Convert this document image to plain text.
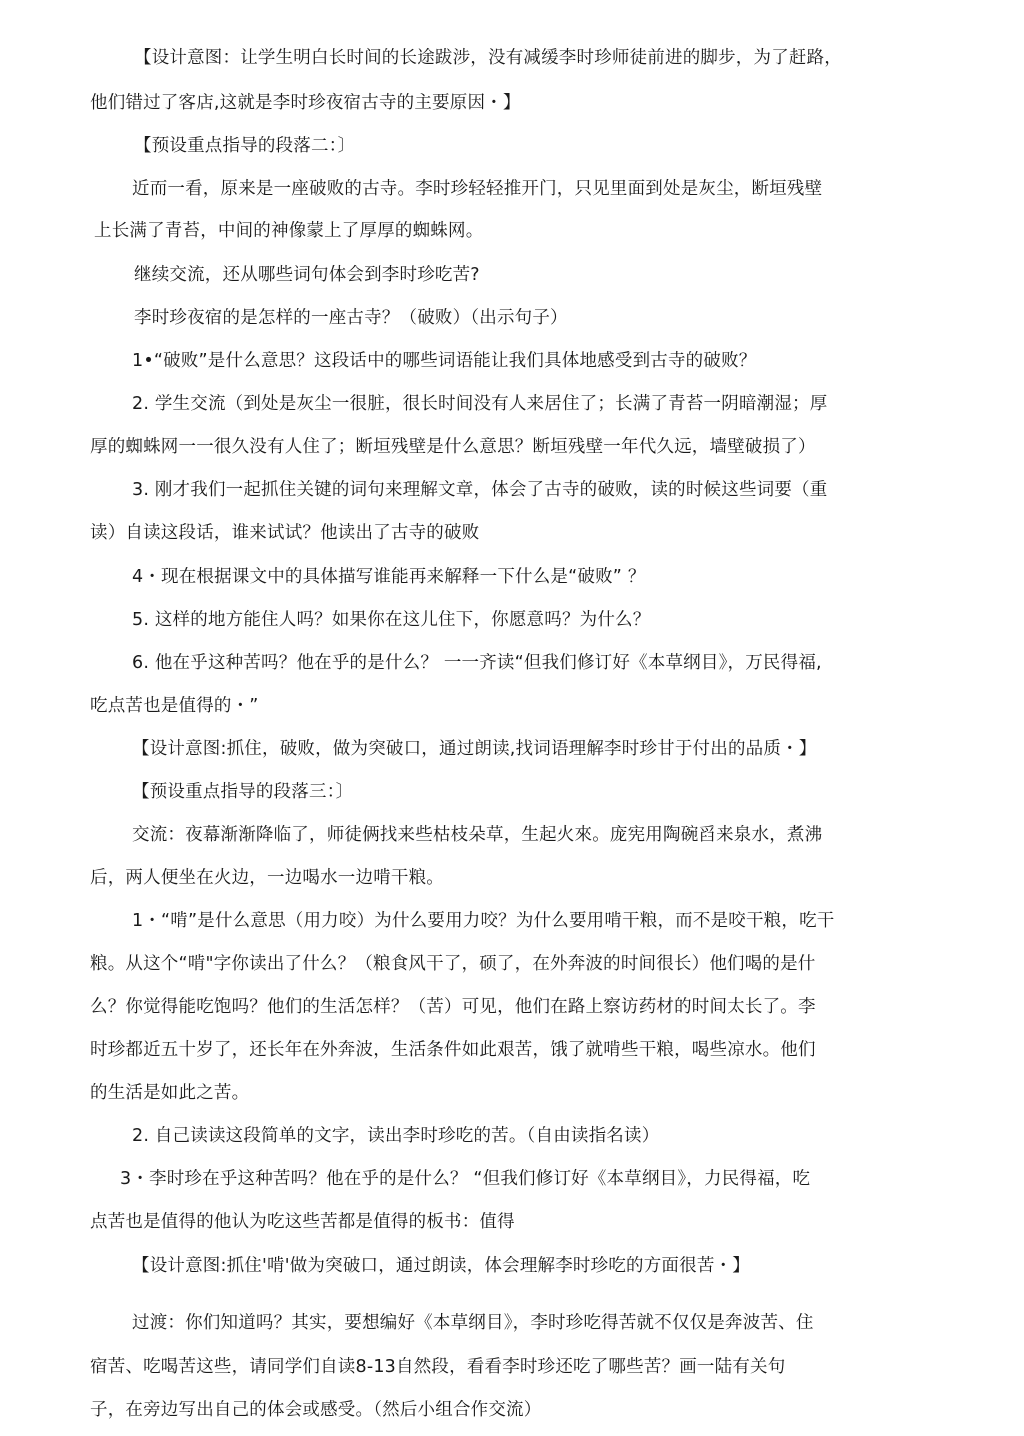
【设计意图：让学生明白长时间的长途跋涉，没有减缓李时珍师徒前进的脚步，为了赶路，
他们错过了客店,这就是李时珍夜宿古寺的主要原因・】
【预设重点指导的段落二：〕
近而一看，原来是一座破败的古寺。李时珍轻轻推开门，只见里面到处是灰尘，断垣残壁
上长满了青苔，中间的神像蒙上了厚厚的蜘蛛网。
继续交流，还从哪些词句体会到李时珍吃苦?
李时珍夜宿的是怎样的一座古寺？（破败）（出示句子）
1•“破败”是什么意思？这段话中的哪些词语能让我们具体地感受到古寺的破败？
2. 学生交流（到处是灰尘一很脏，很长时间没有人来居住了；长满了青苔一阴暗潮湿；厚
厚的蜘蛛网一一很久没有人住了；断垣残壁是什么意思？断垣残壁一年代久远，墙壁破损了）
3. 刚才我们一起抓住关键的词句来理解文章，体会了古寺的破败，读的时候这些词要（重
读）自读这段话，谁来试试？他读出了古寺的破败
4・现在根据课文中的具体描写谁能再来解释一下什么是“破败” ？
5. 这样的地方能住人吗？如果你在这儿住下，你愿意吗？为什么？
6. 他在乎这种苦吗？他在乎的是什么？ 一一齐读“但我们修订好《本草纲目》，万民得福,
吃点苦也是值得的・”
【设计意图:抓住，破败，做为突破口，通过朗读,找词语理解李时珍甘于付出的品质・】
【预设重点指导的段落三：〕
交流：夜幕渐渐降临了，师徒俩找来些枯枝朵草，生起火來。庞宪用陶碗舀来泉水，煮沸
后，两人便坐在火边，一边喝水一边啃干粮。
1・“啃”是什么意思（用力咬）为什么要用力咬？为什么要用啃干粮，而不是咬干粮，吃干
粮。从这个“啃"字你读出了什么？（粮食风干了，硕了，在外奔波的时间很长）他们喝的是什
么？你觉得能吃饱吗？他们的生活怎样？（苦）可见，他们在路上察访药材的时间太长了。李
时珍都近五十岁了，还长年在外奔波，生活条件如此艰苦，饿了就啃些干粮，喝些凉水。他们
的生活是如此之苦。
2. 自己读读这段简单的文字，读出李时珍吃的苦。（自由读指名读）
3・李时珍在乎这种苦吗？他在乎的是什么？ “但我们修订好《本草纲目》，力民得福，吃
点苦也是值得的他认为吃这些苦都是值得的板书：值得
【设计意图:抓住'啃'做为突破口，通过朗读，体会理解李时珍吃的方面很苦・】
过渡：你们知道吗？其实，要想编好《本草纲目》，李时珍吃得苦就不仅仅是奔波苦、住
宿苦、吃喝苦这些，请同学们自读8-13自然段，看看李时珍还吃了哪些苦？画一陆有关句
子，在旁边写出自己的体会或感受。（然后小组合作交流）
